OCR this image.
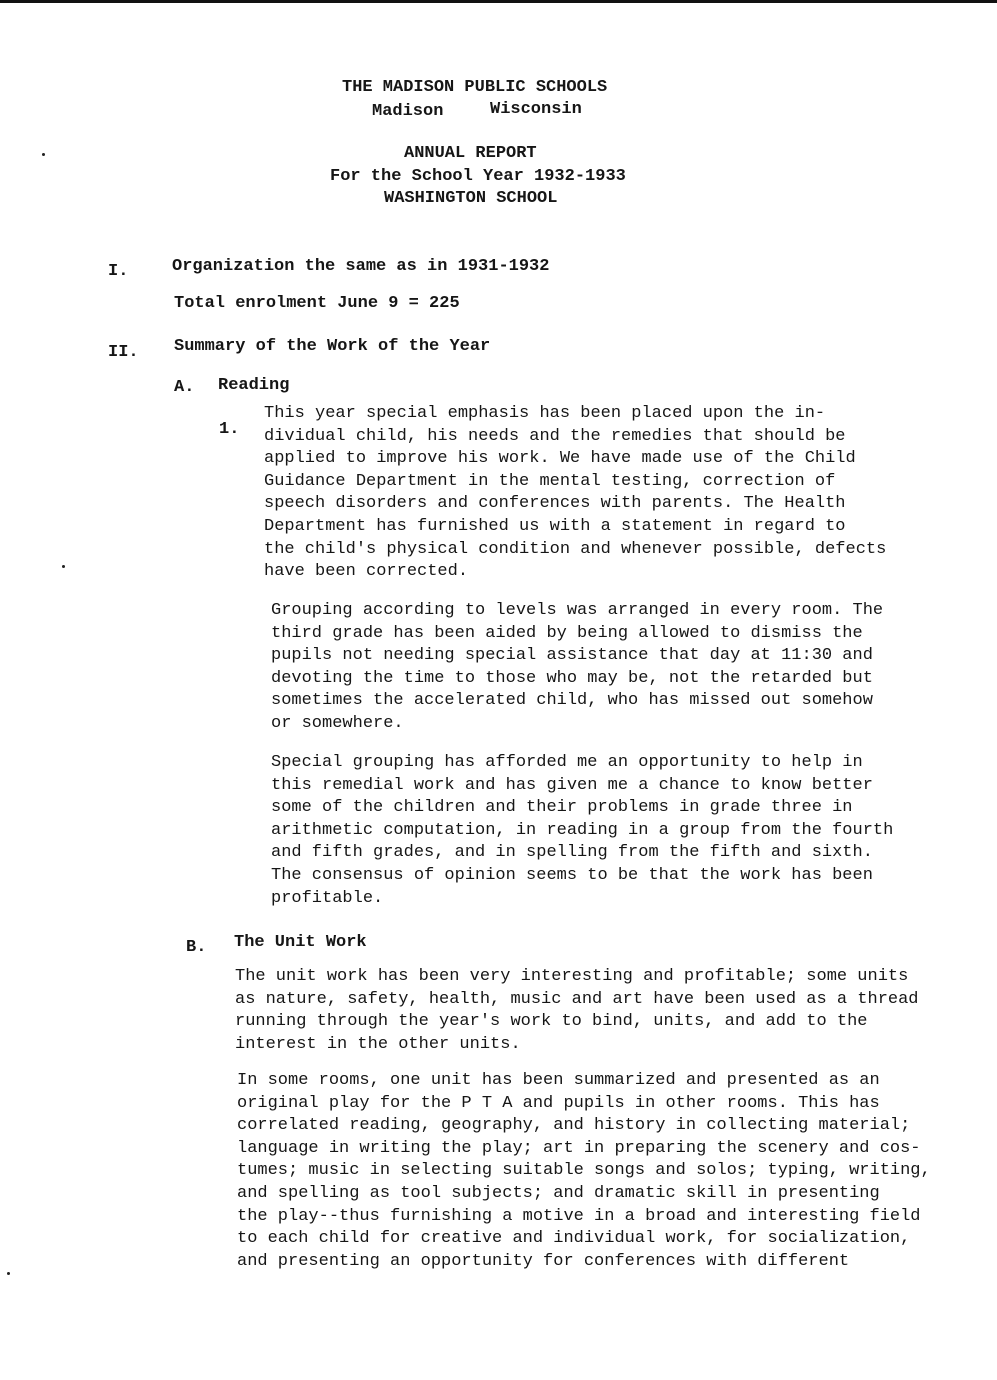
THE MADISON PUBLIC SCHOOLS
Madison	Wisconsin
ANNUAL REPORT
For the School Year 1932-1933
WASHINGTON SCHOOL
I.	Organization the same as in 1931-1932
Total enrolment June 9 = 225
II. Summary of the Work of the Year
A. Reading
1.
This year special emphasis has been placed upon the in-
dividual child, his needs and the remedies that should be
applied to improve his work. We have made use of the Child
Guidance Department in the mental testing, correction of
speech disorders and conferences with parents. The Health
Department has furnished us with a statement in regard to
the child's physical condition and whenever possible, defects
have been corrected.
Grouping according to levels was arranged in every room. The
third grade has been aided by being allowed to dismiss the
pupils not needing special assistance that day at 11:30 and
devoting the time to those who may be, not the retarded but
sometimes the accelerated child, who has missed out somehow
or somewhere.
Special grouping has afforded me an opportunity to help in
this remedial work and has given me a chance to know better
some of the children and their problems in grade three in
arithmetic computation, in reading in a group from the fourth
and fifth grades, and in spelling from the fifth and sixth.
The consensus of opinion seems to be that the work has been
profitable.
B. The Unit Work
The unit work has been very interesting and profitable; some units
as nature, safety, health, music and art have been used as a thread
running through the year's work to bind, units, and add to the
interest in the other units.
In some rooms, one unit has been summarized and presented as an
original play for the P T A and pupils in other rooms. This has
correlated reading, geography, and history in collecting material;
language in writing the play; art in preparing the scenery and cos-
tumes; music in selecting suitable songs and solos; typing, writing,
and spelling as tool subjects; and dramatic skill in presenting
the play--thus furnishing a motive in a broad and interesting field
to each child for creative and individual work, for socialization,
and presenting an opportunity for conferences with different
